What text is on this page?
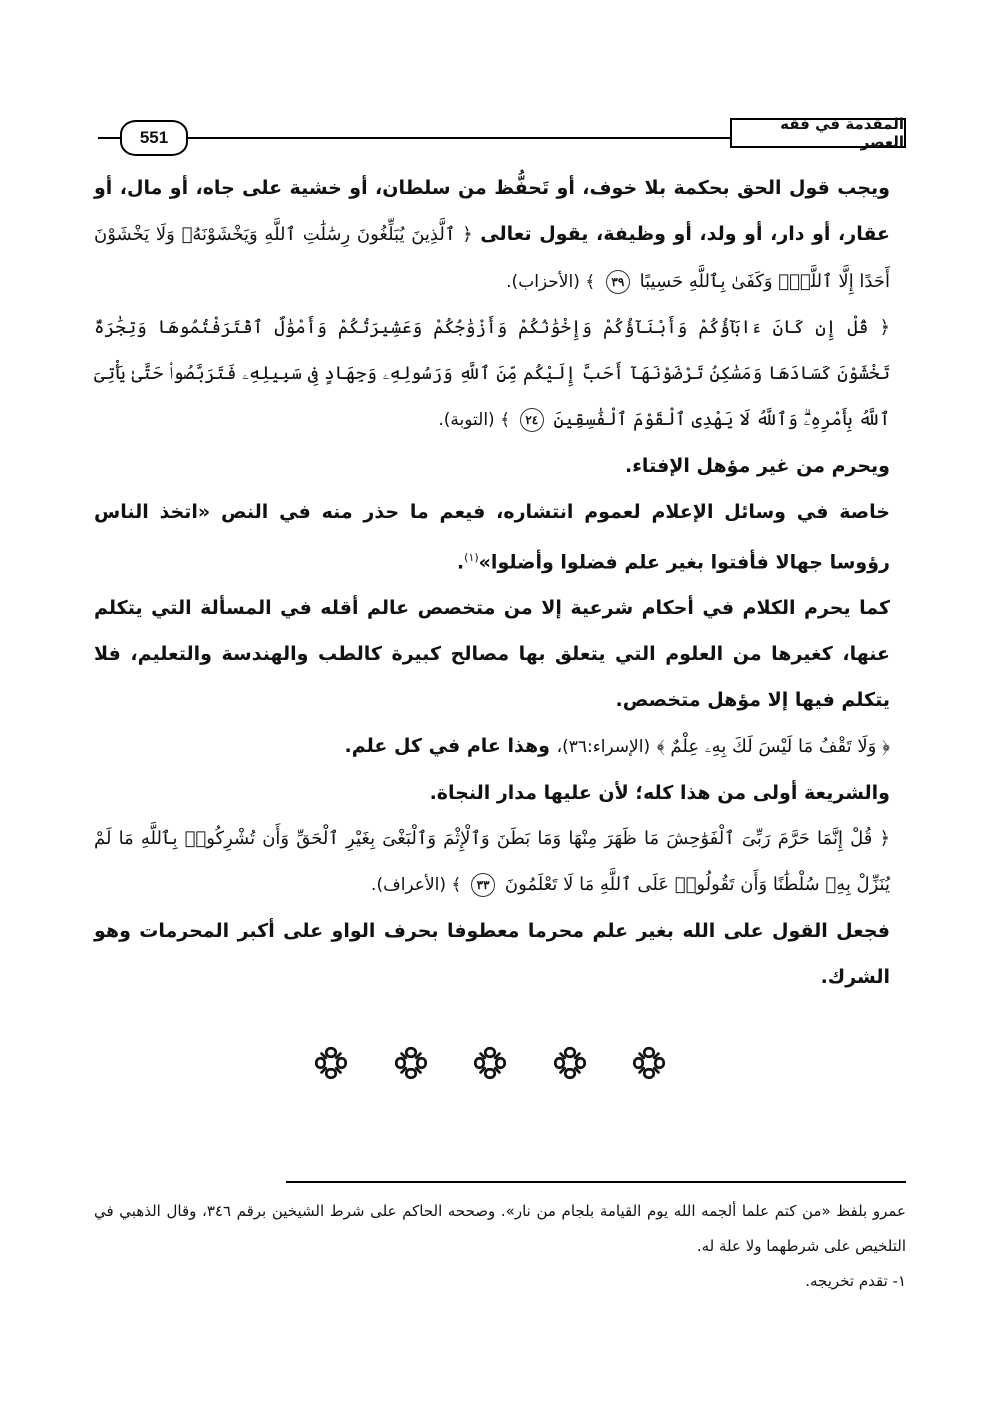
551
المقدمة في فقه العصر

ويجب قول الحق بحكمة بلا خوف، أو تَحفُّظ من سلطان، أو خشية على جاه، أو مال، أو عقار، أو دار، أو ولد، أو وظيفة، يقول تعالى ﴿ ٱلَّذِينَ يُبَلِّغُونَ رِسَٰلَٰتِ ٱللَّهِ وَيَخْشَوْنَهُۥ وَلَا يَخْشَوْنَ أَحَدًا إِلَّا ٱللَّهَۗ وَكَفَىٰ بِٱللَّهِ حَسِيبًا ٣٩ ﴾ (الأحزاب).

﴿ قُلْ إِن كَانَ ءَابَآؤُكُمْ وَأَبْنَآؤُكُمْ وَإِخْوَٰنُكُمْ وَأَزْوَٰجُكُمْ وَعَشِيرَتُكُمْ وَأَمْوَٰلٌ ٱقْتَرَفْتُمُوهَا وَتِجَٰرَةٌ تَخْشَوْنَ كَسَادَهَا وَمَسَٰكِنُ تَرْضَوْنَهَآ أَحَبَّ إِلَيْكُم مِّنَ ٱللَّهِ وَرَسُولِهِۦ وَجِهَادٍ فِى سَبِيلِهِۦ فَتَرَبَّصُوا۟ حَتَّىٰ يَأْتِىَ ٱللَّهُ بِأَمْرِهِۦۗ وَٱللَّهُ لَا يَهْدِى ٱلْقَوْمَ ٱلْفَٰسِقِينَ ٢٤ ﴾ (التوبة).

ويحرم من غير مؤهل الإفتاء.

خاصة في وسائل الإعلام لعموم انتشاره، فيعم ما حذر منه في النص «اتخذ الناس رؤوسا جهالا فأفتوا بغير علم فضلوا وأضلوا»$^{(١)}$.

كما يحرم الكلام في أحكام شرعية إلا من متخصص عالم أقله في المسألة التي يتكلم عنها، كغيرها من العلوم التي يتعلق بها مصالح كبيرة كالطب والهندسة والتعليم، فلا يتكلم فيها إلا مؤهل متخصص.

﴿ وَلَا تَقْفُ مَا لَيْسَ لَكَ بِهِۦ عِلْمٌ ﴾ (الإسراء:٣٦)، وهذا عام في كل علم.

والشريعة أولى من هذا كله؛ لأن عليها مدار النجاة.

﴿ قُلْ إِنَّمَا حَرَّمَ رَبِّىَ ٱلْفَوَٰحِشَ مَا ظَهَرَ مِنْهَا وَمَا بَطَنَ وَٱلْإِثْمَ وَٱلْبَغْىَ بِغَيْرِ ٱلْحَقِّ وَأَن تُشْرِكُوا۟ بِٱللَّهِ مَا لَمْ يُنَزِّلْ بِهِۦ سُلْطَٰنًا وَأَن تَقُولُوا۟ عَلَى ٱللَّهِ مَا لَا تَعْلَمُونَ ٣٣ ﴾ (الأعراف).

فجعل القول على الله بغير علم محرما معطوفا بحرف الواو على أكبر المحرمات وهو الشرك.

عمرو بلفظ «من كتم علما ألجمه الله يوم القيامة بلجام من نار». وصححه الحاكم على شرط الشيخين برقم ٣٤٦، وقال الذهبي في التلخيص على شرطهما ولا علة له.

١- تقدم تخريجه.
